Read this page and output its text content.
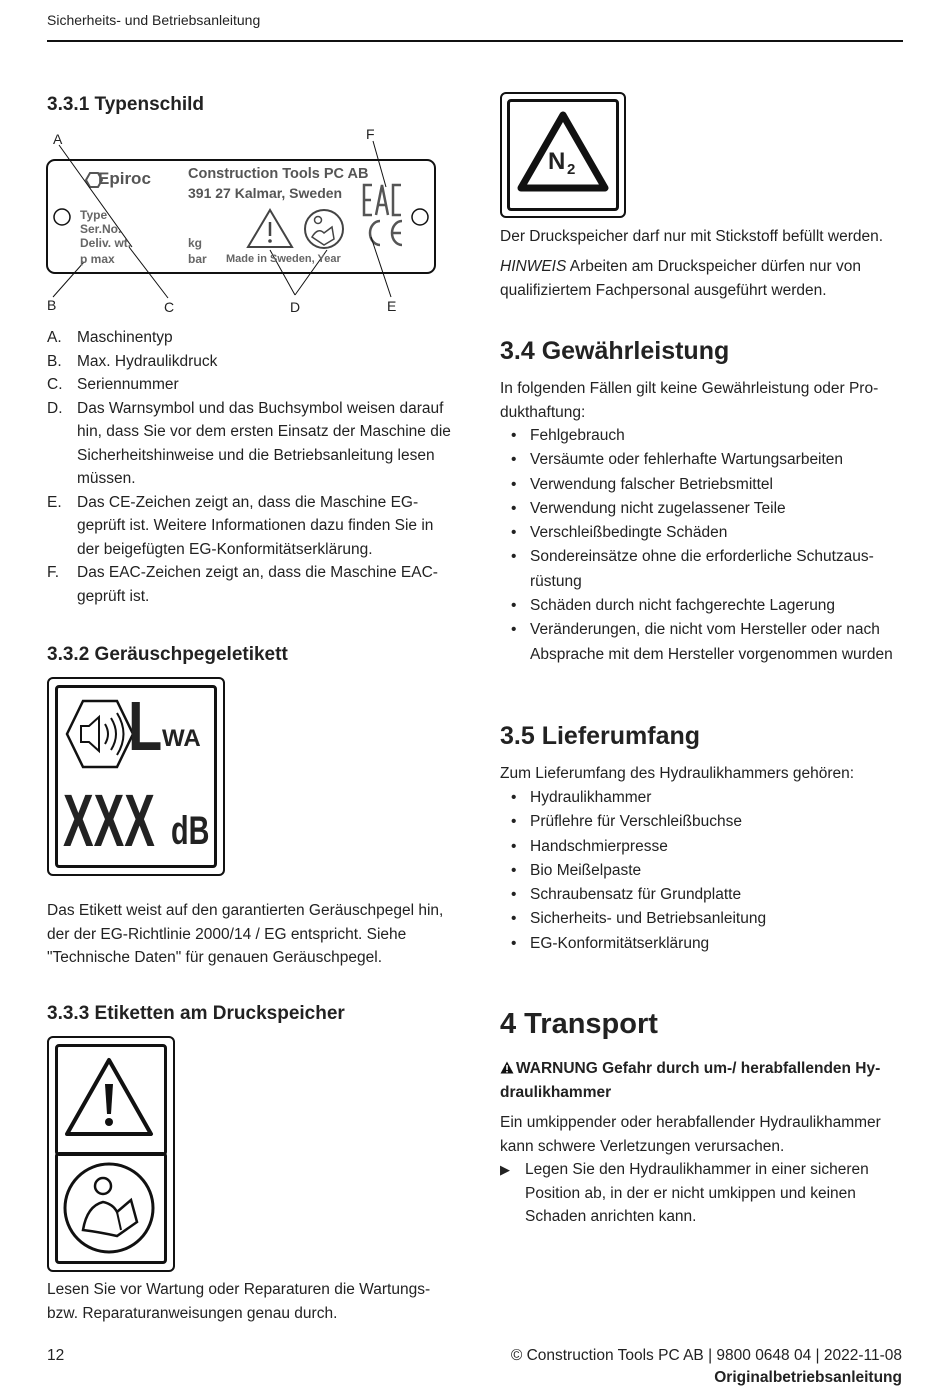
Sicherheits- und Betriebsanleitung
3.3.1 Typenschild
Epiroc	Construction Tools PC AB
391 27 Kalmar, Sweden
Type
Ser.No.
Deliv. wt.
p max
kg
bar Made in Sweden, Year
A
B	C	D	E
F
A. Maschinentyp
B. Max. Hydraulikdruck
C. Seriennummer
D. Das Warnsymbol und das Buchsymbol weisen darauf hin, dass Sie vor dem ersten Einsatz der Maschine die Sicherheitshinweise und die Betriebsanleitung lesen müssen.
E. Das CE-Zeichen zeigt an, dass die Maschine EG-geprüft ist. Weitere Informationen dazu finden Sie in der beigefügten EG-Konformitätserklärung.
F. Das EAC-Zeichen zeigt an, dass die Maschine EAC-geprüft ist.
3.3.2 Geräuschpegeletikett
L WA
XXX dB

Das Etikett weist auf den garantierten Geräuschpegel hin, der der EG-Richtlinie 2000/14 / EG entspricht. Siehe "Technische Daten" für genauen Geräuschpegel.

3.3.3 Etiketten am Druckspeicher

Lesen Sie vor Wartung oder Reparaturen die Wartungs- bzw. Reparaturanweisungen genau durch.

N 2

Der Druckspeicher darf nur mit Stickstoff befüllt werden.

HINWEIS Arbeiten am Druckspeicher dürfen nur von qualifiziertem Fachpersonal ausgeführt werden.

3.4 Gewährleistung

In folgenden Fällen gilt keine Gewährleistung oder Produkthaftung:

• Fehlgebrauch
• Versäumte oder fehlerhafte Wartungsarbeiten
• Verwendung falscher Betriebsmittel
• Verwendung nicht zugelassener Teile
• Verschleißbedingte Schäden
• Sondereinsätze ohne die erforderliche Schutzausrüstung
• Schäden durch nicht fachgerechte Lagerung
• Veränderungen, die nicht vom Hersteller oder nach Absprache mit dem Hersteller vorgenommen wurden
3.5 Lieferumfang

Zum Lieferumfang des Hydraulikhammers gehören:

• Hydraulikhammer
• Prüflehre für Verschleißbuchse
• Handschmierpresse
• Bio Meißelpaste
• Schraubensatz für Grundplatte
• Sicherheits- und Betriebsanleitung
• EG-Konformitätserklärung
4 Transport
WARNUNG Gefahr durch um-/ herabfallenden Hydraulikhammer

Ein umkippender oder herabfallender Hydraulikhammer kann schwere Verletzungen verursachen.

▶ Legen Sie den Hydraulikhammer in einer sicheren Position ab, in der er nicht umkippen und keinen Schaden anrichten kann.

12	© Construction Tools PC AB | 9800 0648 04 | 2022-11-08
Originalbetriebsanleitung
